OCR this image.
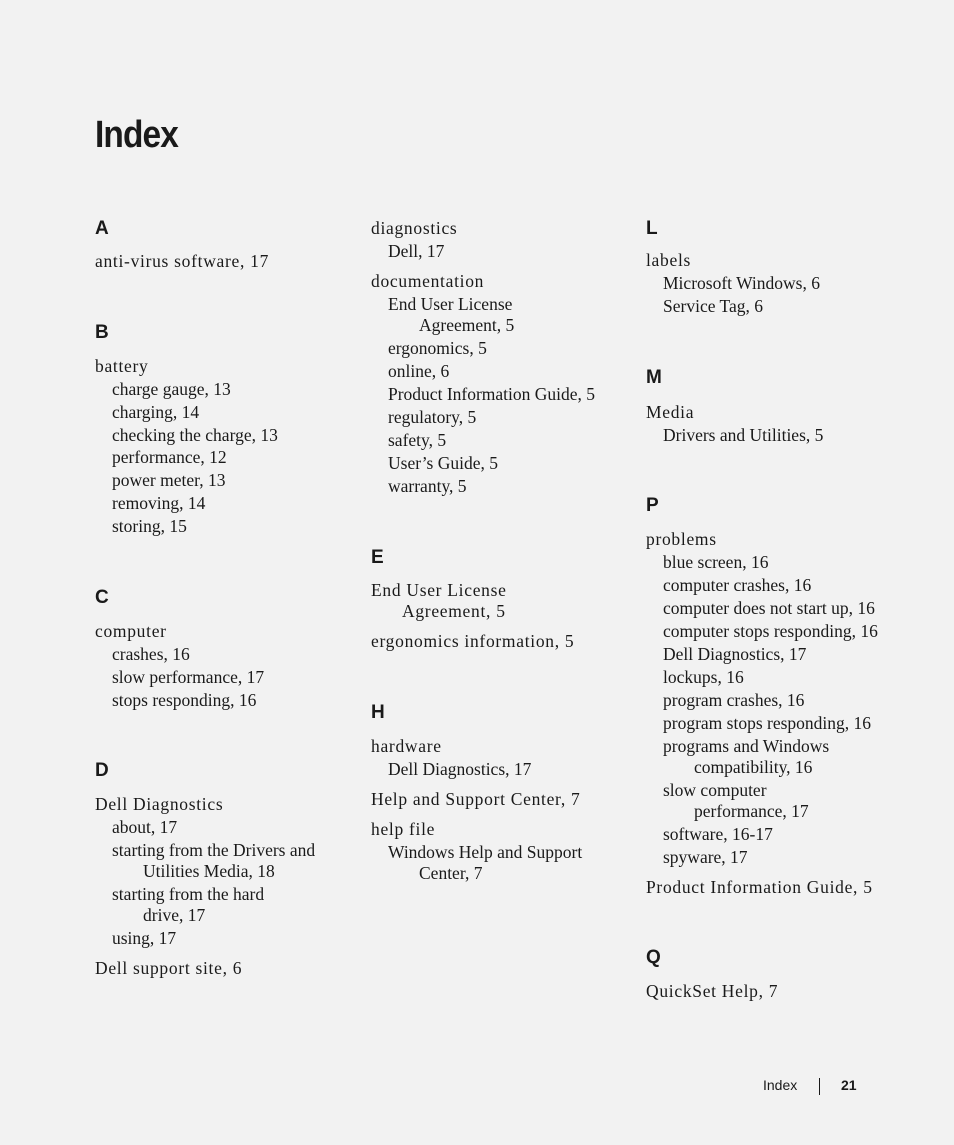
Index
A
anti-virus software, 17
B
battery
charge gauge, 13
charging, 14
checking the charge, 13
performance, 12
power meter, 13
removing, 14
storing, 15
C
computer
crashes, 16
slow performance, 17
stops responding, 16
D
Dell Diagnostics
about, 17
starting from the Drivers and
Utilities Media, 18
starting from the hard
drive, 17
using, 17
Dell support site, 6
diagnostics
Dell, 17
documentation
End User License
Agreement, 5
ergonomics, 5
online, 6
Product Information Guide, 5
regulatory, 5
safety, 5
User’s Guide, 5
warranty, 5
E
End User License
Agreement, 5
ergonomics information, 5
H
hardware
Dell Diagnostics, 17
Help and Support Center, 7
help file
Windows Help and Support
Center, 7
L
labels
Microsoft Windows, 6
Service Tag, 6
M
Media
Drivers and Utilities, 5
P
problems
blue screen, 16
computer crashes, 16
computer does not start up, 16
computer stops responding, 16
Dell Diagnostics, 17
lockups, 16
program crashes, 16
program stops responding, 16
programs and Windows
compatibility, 16
slow computer
performance, 17
software, 16-17
spyware, 17
Product Information Guide, 5
Q
QuickSet Help, 7
Index	21
